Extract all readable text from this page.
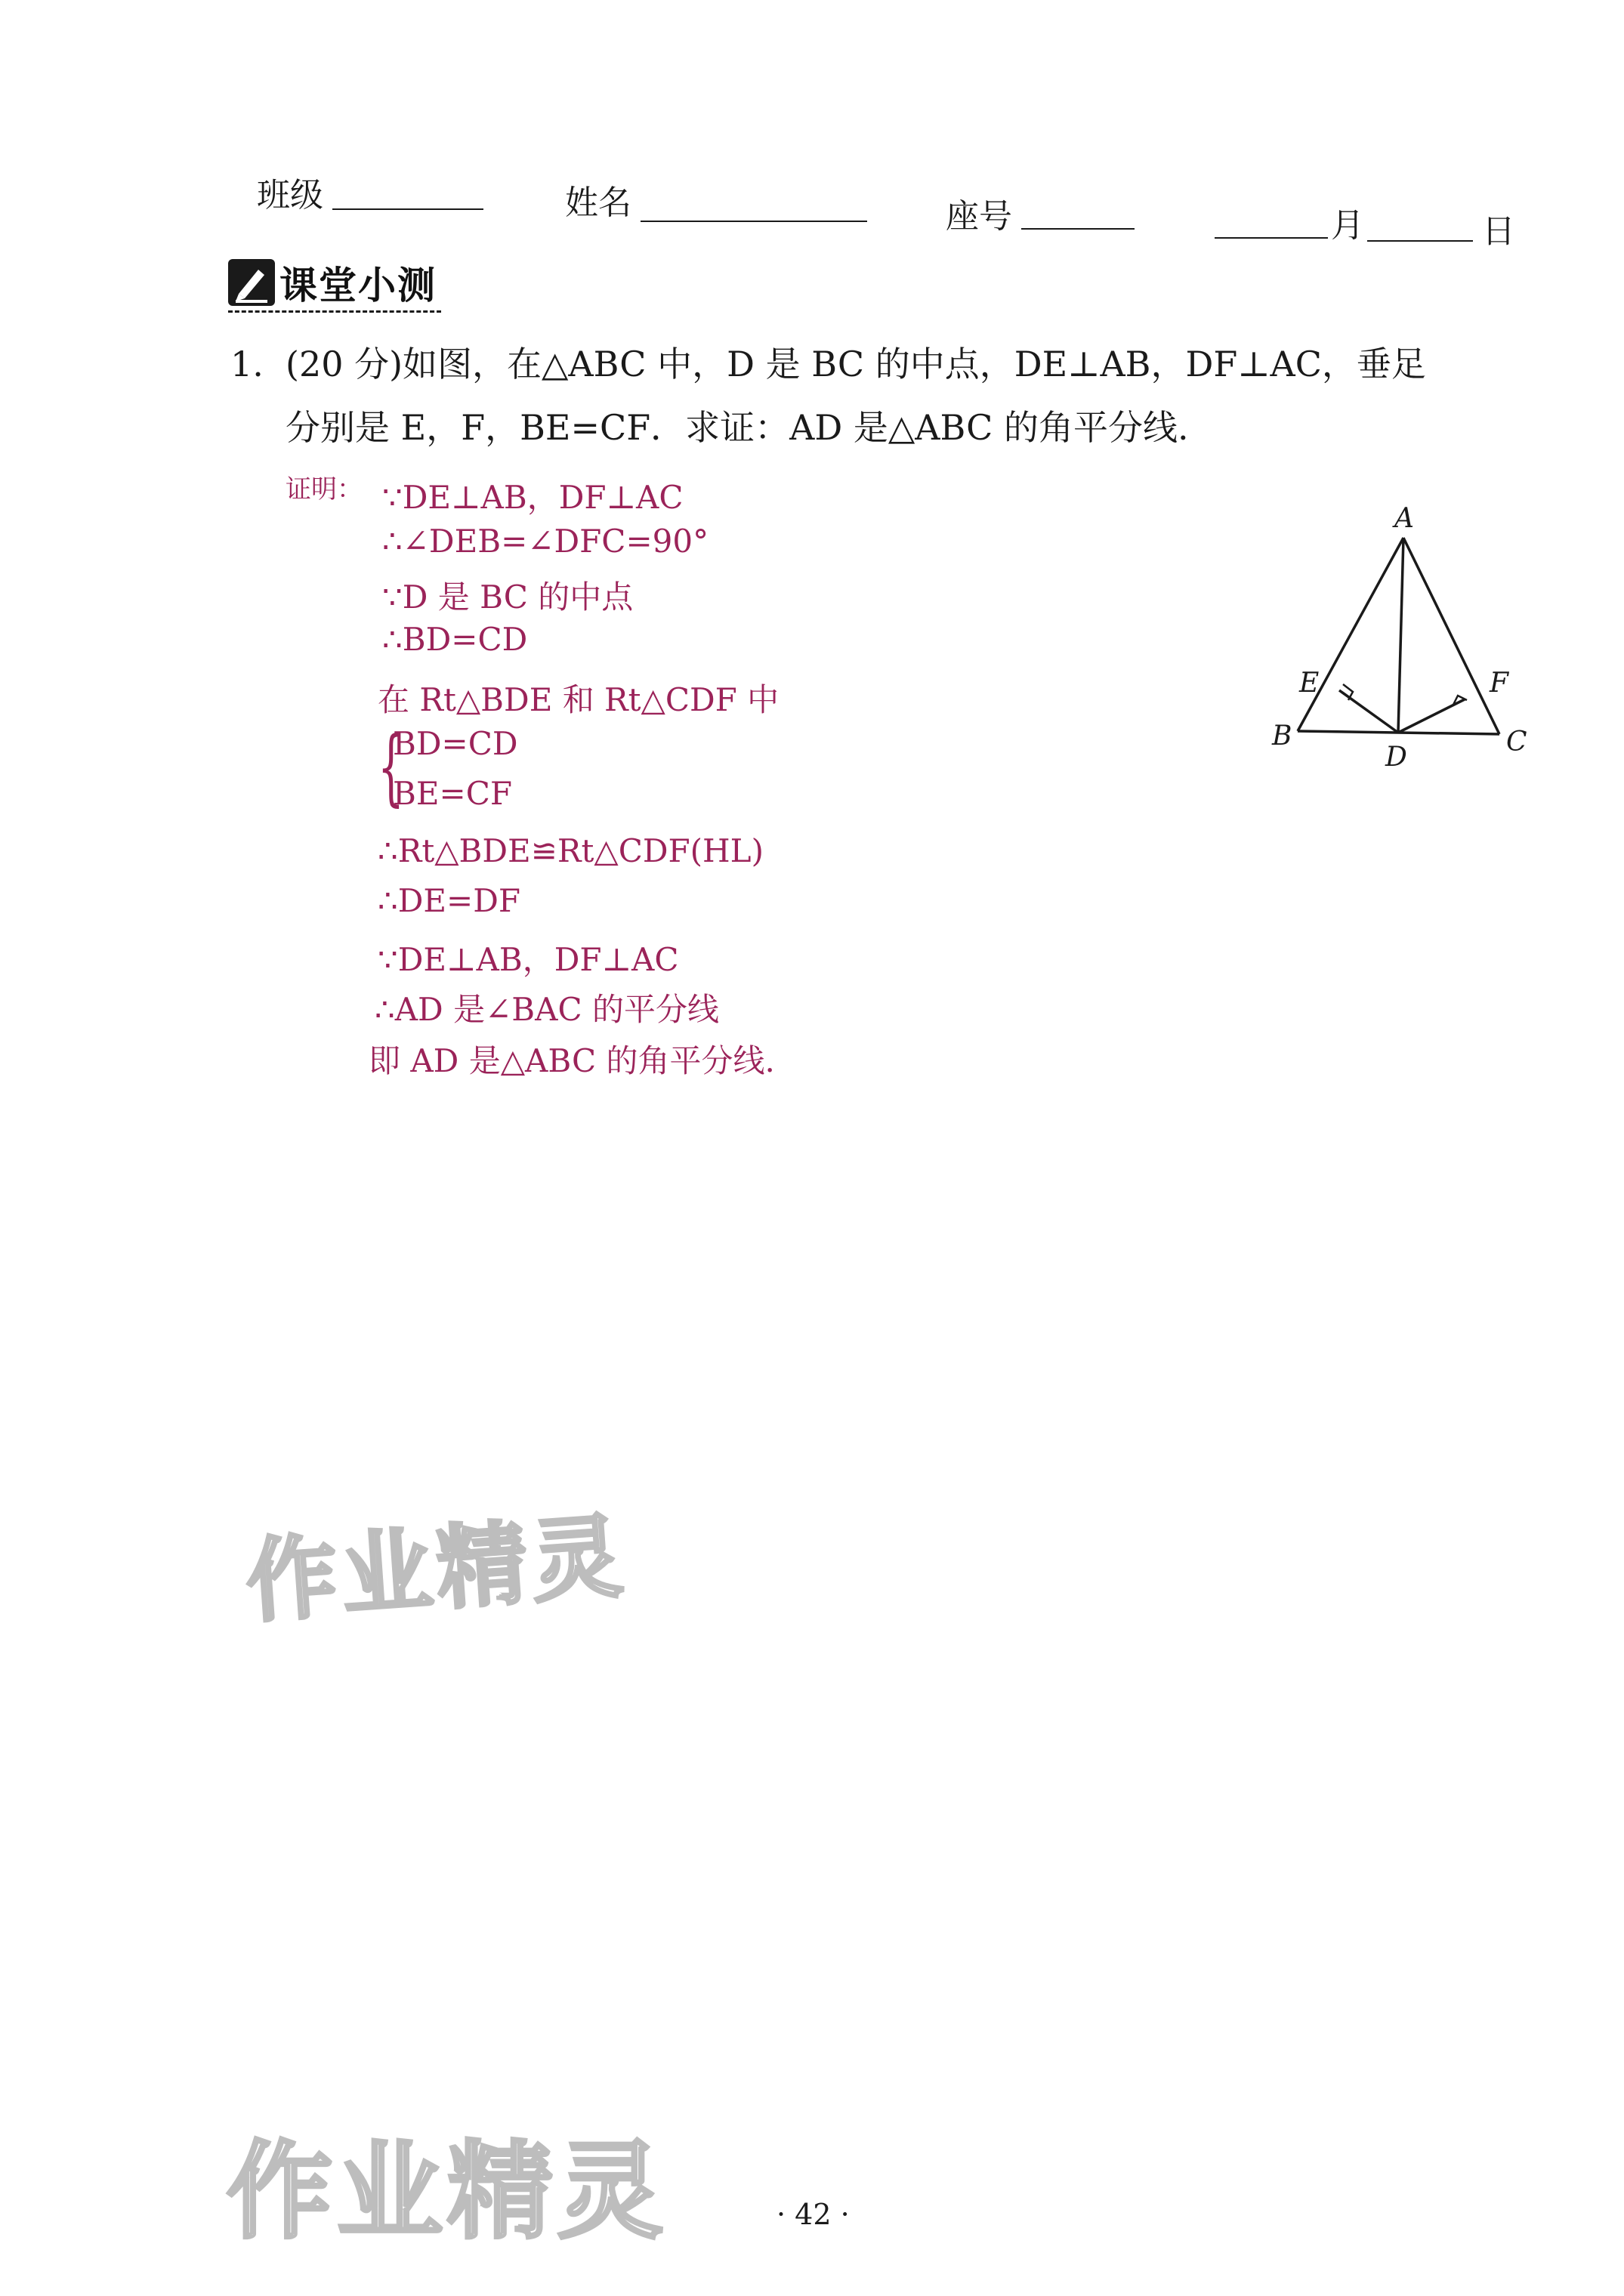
班级	姓名	座号	月	日
课堂小测
1. (20 分)如图，在△ABC 中，D 是 BC 的中点，DE⊥AB，DF⊥AC，垂足
分别是 E，F，BE=CF．求证：AD 是△ABC 的角平分线.
证明： ∵DE⊥AB，DF⊥AC
∴∠DEB=∠DFC=90°
∵D 是 BC 的中点
∴BD=CD
在 Rt△BDE 和 Rt△CDF 中
{
BD=CD
BE=CF
∴Rt△BDE≌Rt△CDF(HL)
∴DE=DF
∵DE⊥AB，DF⊥AC
∴AD 是∠BAC 的平分线
即 AD 是△ABC 的角平分线.
A
E	F
B
D	C
作业精灵
作业精灵	· 42 ·
